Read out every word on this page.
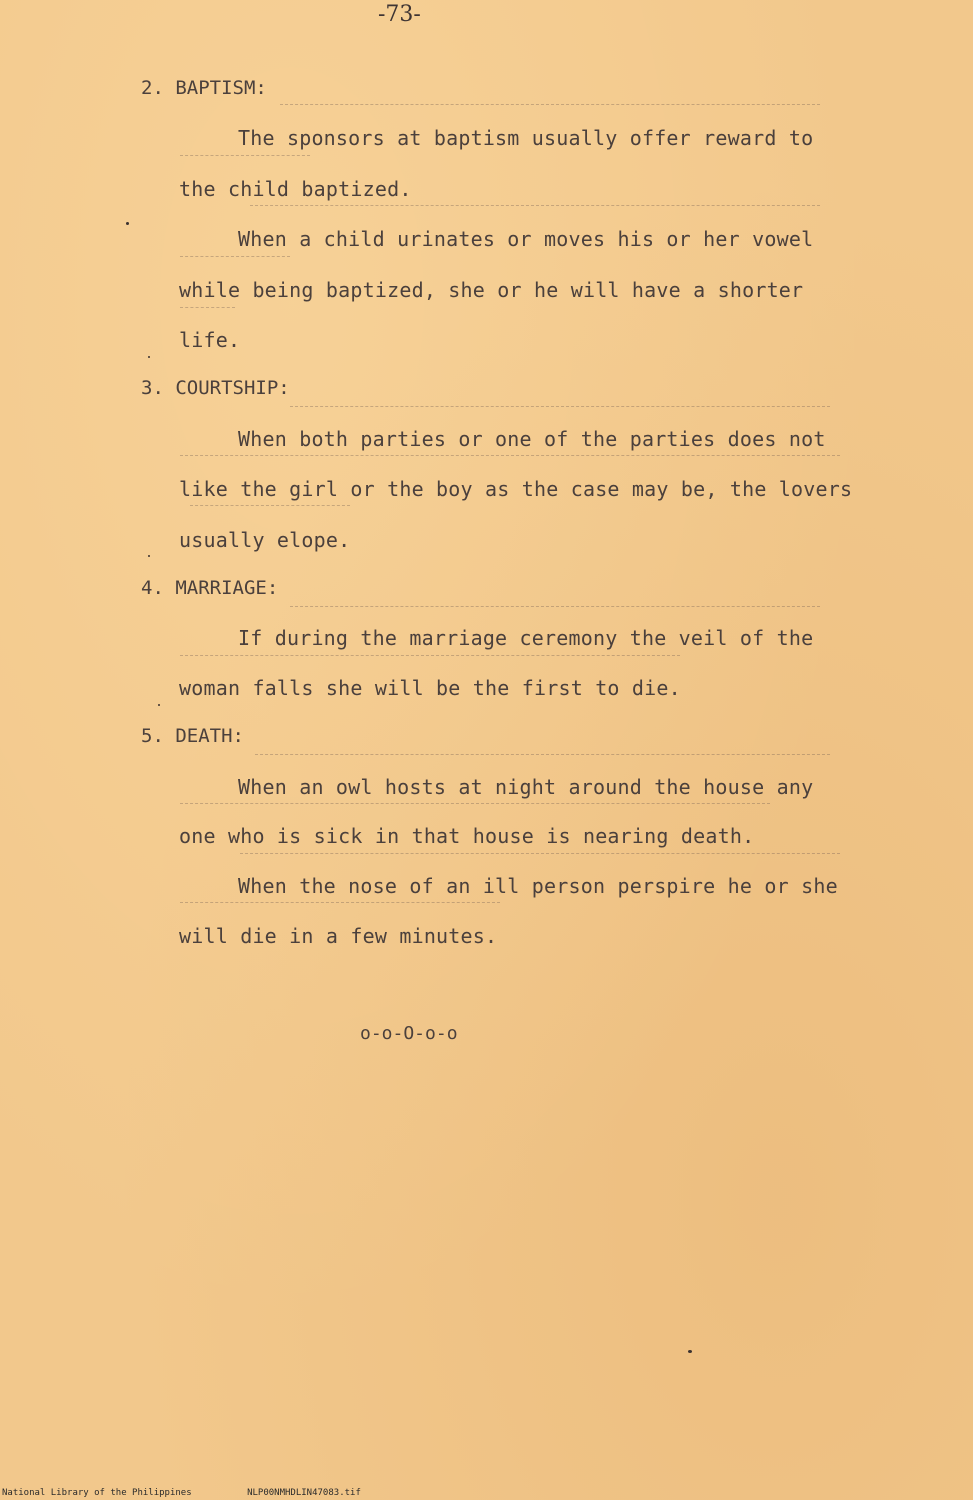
-73-
2. BAPTISM:
The sponsors at baptism usually offer reward to
the child baptized.
When a child urinates or moves his or her vowel
while being baptized, she or he will have a shorter
life.
3. COURTSHIP:
When both parties or one of the parties does not
like the girl or the boy as the case may be, the lovers
usually elope.
4. MARRIAGE:
If during the marriage ceremony the veil of the
woman falls she will be the first to die.
5. DEATH:
When an owl hosts at night around the house any
one who is sick in that house is nearing death.
When the nose of an ill person perspire he or she
will die in a few minutes.
o-o-O-o-o
National Library of the Philippines	NLP00NMHDLIN47083.tif
